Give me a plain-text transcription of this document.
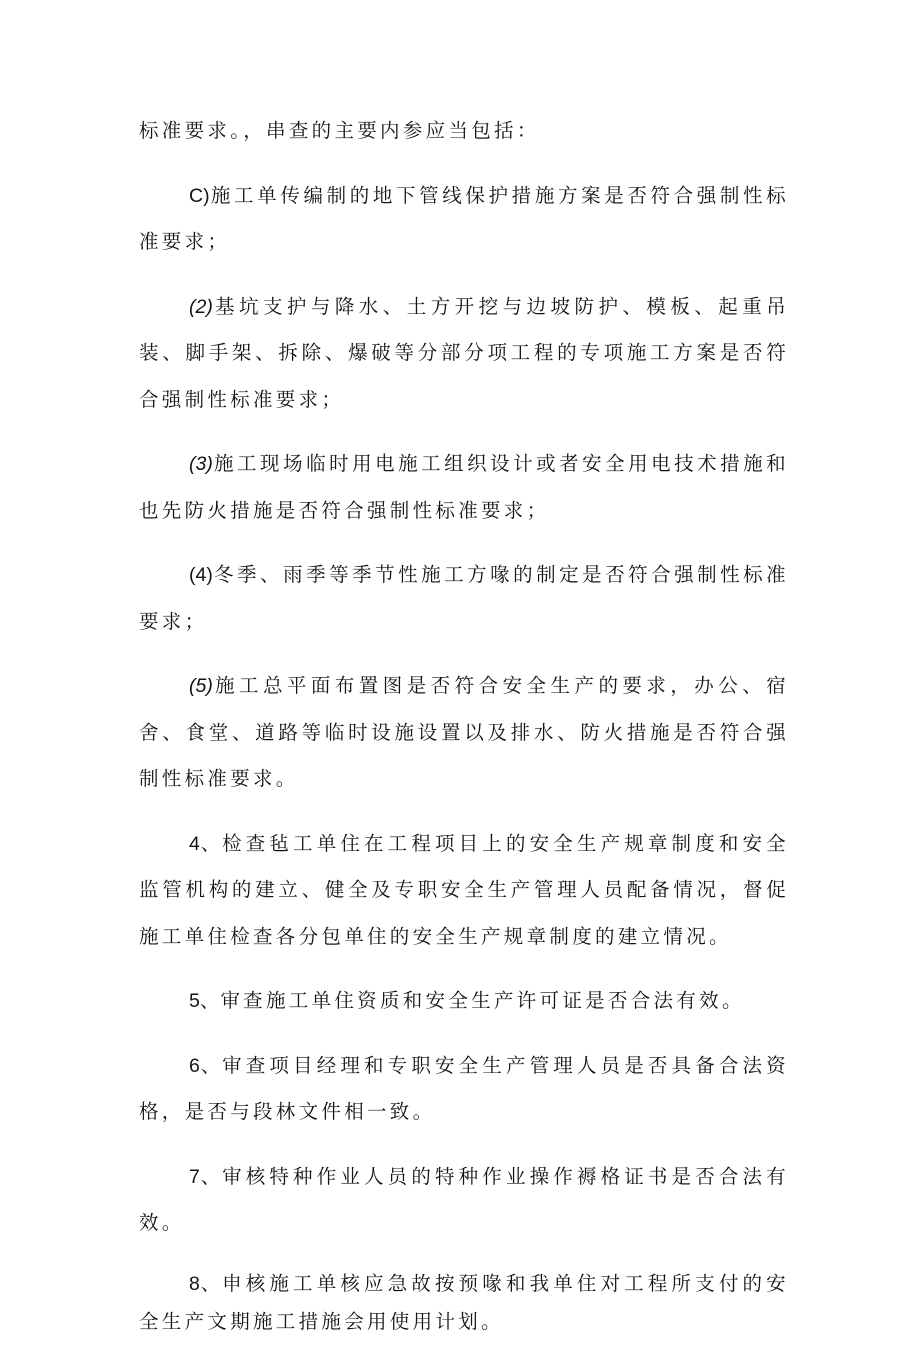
标准要求。，串查的主要内参应当包括：

C)施工单传编制的地下管线保护措施方案是否符合强制性标准要求；

(2)基坑支护与降水、土方开挖与边坡防护、模板、起重吊装、脚手架、拆除、爆破等分部分项工程的专项施工方案是否符合强制性标准要求；

(3)施工现场临时用电施工组织设计或者安全用电技术措施和也先防火措施是否符合强制性标准要求；

(4)冬季、雨季等季节性施工方喙的制定是否符合强制性标准要求；

(5)施工总平面布置图是否符合安全生产的要求，办公、宿舍、食堂、道路等临时设施设置以及排水、防火措施是否符合强制性标准要求。

4、检查毡工单住在工程项目上的安全生产规章制度和安全监管机构的建立、健全及专职安全生产管理人员配备情况，督促施工单住检查各分包单住的安全生产规章制度的建立情况。

5、审查施工单住资质和安全生产许可证是否合法有效。

6、审查项目经理和专职安全生产管理人员是否具备合法资格，是否与段林文件相一致。

7、审核特种作业人员的特种作业操作褥格证书是否合法有效。

8、申核施工单核应急故按预喙和我单住对工程所支付的安全生产文期施工措施会用使用计划。
